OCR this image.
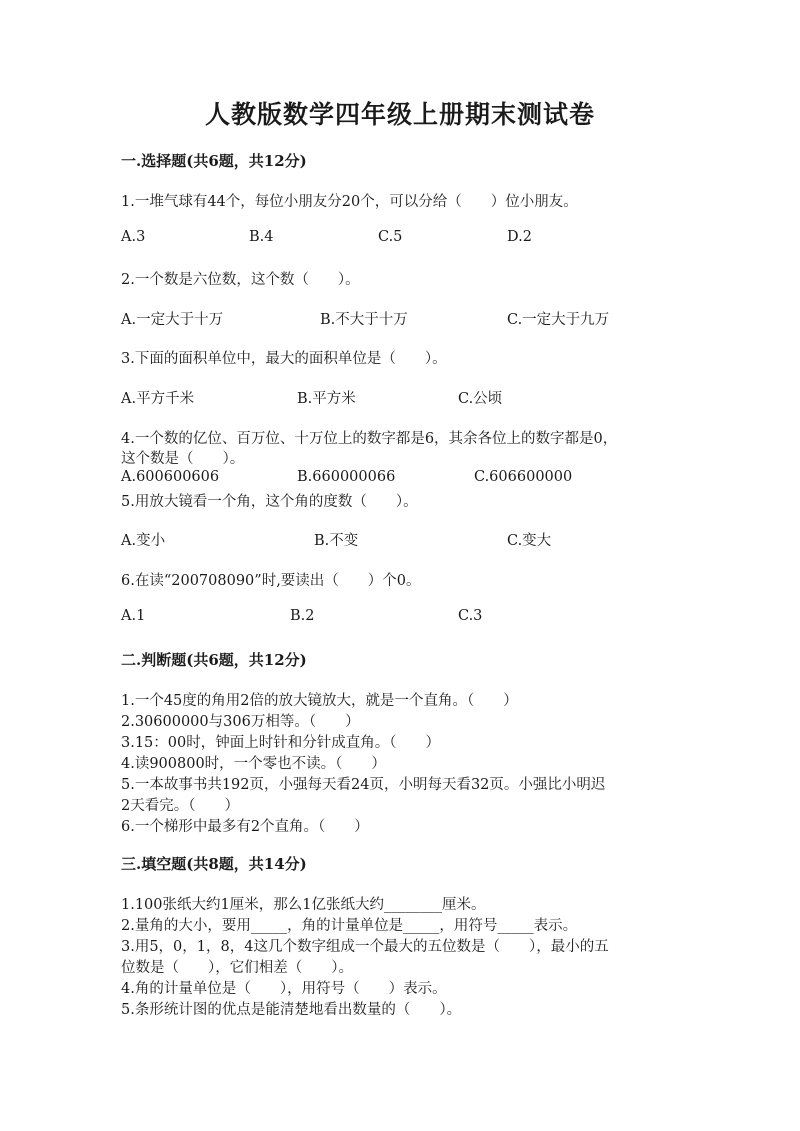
人教版数学四年级上册期末测试卷
一.选择题(共6题，共12分)
1.一堆气球有44个，每位小朋友分20个，可以分给（　　）位小朋友。
A.3	B.4	C.5	D.2
2.一个数是六位数，这个数（　　）。
A.一定大于十万	B.不大于十万	C.一定大于九万
3.下面的面积单位中，最大的面积单位是（　　）。
A.平方千米	B.平方米	C.公顷
4.一个数的亿位、百万位、十万位上的数字都是6，其余各位上的数字都是0，
这个数是（　　）。
A.600600606	B.660000066	C.606600000
5.用放大镜看一个角，这个角的度数（　　）。
A.变小	B.不变	C.变大
6.在读“200708090”时,要读出（　　）个0。
A.1	B.2	C.3
二.判断题(共6题，共12分)
1.一个45度的角用2倍的放大镜放大，就是一个直角。（　　）
2.30600000与306万相等。（　　）
3.15：00时，钟面上时针和分针成直角。（　　）
4.读900800时，一个零也不读。（　　）
5.一本故事书共192页，小强每天看24页，小明每天看32页。小强比小明迟
2天看完。（　　）
6.一个梯形中最多有2个直角。（　　）
三.填空题(共8题，共14分)
1.100张纸大约1厘米，那么1亿张纸大约________厘米。
2.量角的大小，要用_____，角的计量单位是_____，用符号_____表示。
3.用5，0，1，8，4这几个数字组成一个最大的五位数是（　　），最小的五
位数是（　　），它们相差（　　）。
4.角的计量单位是（　　），用符号（　　）表示。
5.条形统计图的优点是能清楚地看出数量的（　　）。
